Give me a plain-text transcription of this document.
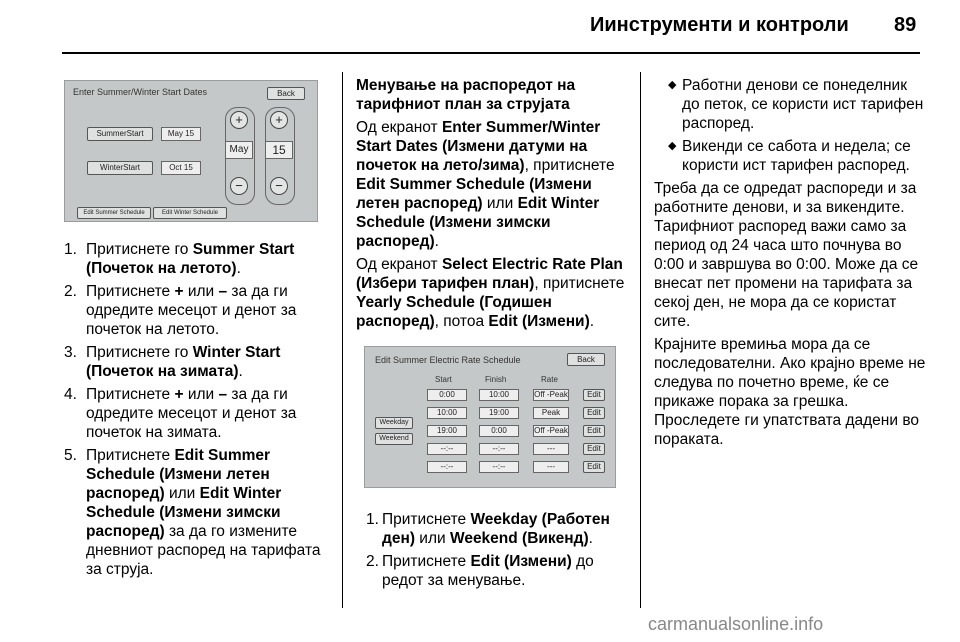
Иинструменти и контроли 89
Enter Summer/Winter Start Dates	Back
SummerStart	May 15
WinterStart	Oct 15
+
May
−
+
15
−
Edit Summer Schedule	Edit Winter Schedule
1. Притиснете го Summer Start (Почеток на летото).
2. Притиснете + или – за да ги одредите месецот и денот за почеток на летото.
3. Притиснете го Winter Start (Почеток на зимата).
4. Притиснете + или – за да ги одредите месецот и денот за почеток на зимата.
5. Притиснете Edit Summer Schedule (Измени летен распоред) или Edit Winter Schedule (Измени зимски распоред) за да го измените дневниот распоред на тарифата за струја.

Менување на распоредот на тарифниот план за струјата

Од екранот Enter Summer/Winter Start Dates (Измени датуми на почеток на лето/зима), притиснете Edit Summer Schedule (Измени летен распоред) или Edit Winter Schedule (Измени зимски распоред).

Од екранот Select Electric Rate Plan (Избери тарифен план), притиснете Yearly Schedule (Годишен распоред), потоа Edit (Измени).

Edit Summer Electric Rate Schedule	Back
Start	Finish	Rate
Weekday
Weekend
0:00	10:00	Off -Peak	Edit
10:00	19:00	Peak	Edit
19:00	0:00	Off -Peak	Edit
--:--	--:--	---	Edit
--:--	--:--	---	Edit
1. Притиснете Weekday (Работен ден) или Weekend (Викенд).
2. Притиснете Edit (Измени) до редот за менување.
◆ Работни денови се понеделник до петок, се користи ист тарифен распоред.
◆ Викенди се сабота и недела; се користи ист тарифен распоред.

Треба да се одредат распореди и за работните денови, и за викендите. Тарифниот распоред важи само за период од 24 часа што почнува во 0:00 и завршува во 0:00. Може да се внесат пет промени на тарифата за секој ден, не мора да се користат сите.

Крајните времиња мора да се последователни. Ако крајно време не следува по почетно време, ќе се прикаже порака за грешка. Проследете ги упатствата дадени во пораката.

carmanualsonline.info
